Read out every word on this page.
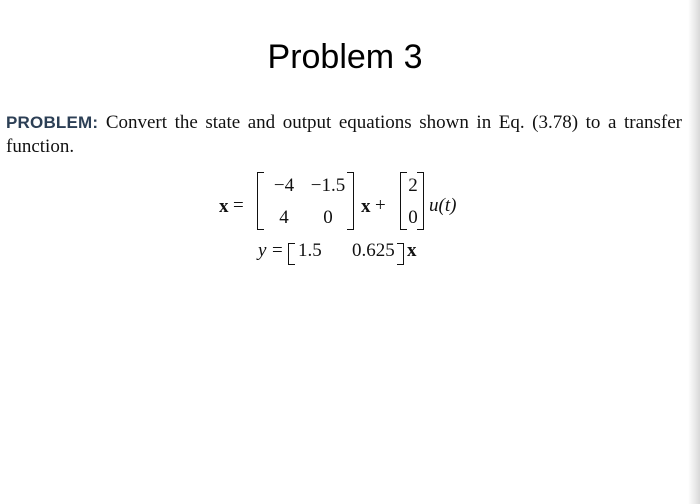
Problem 3
PROBLEM: Convert the state and output equations shown in Eq. (3.78) to a transfer function.
x =
−4 −1.5
4	0
x +
2
0
u(t)
y = 1.5 0.625 x
